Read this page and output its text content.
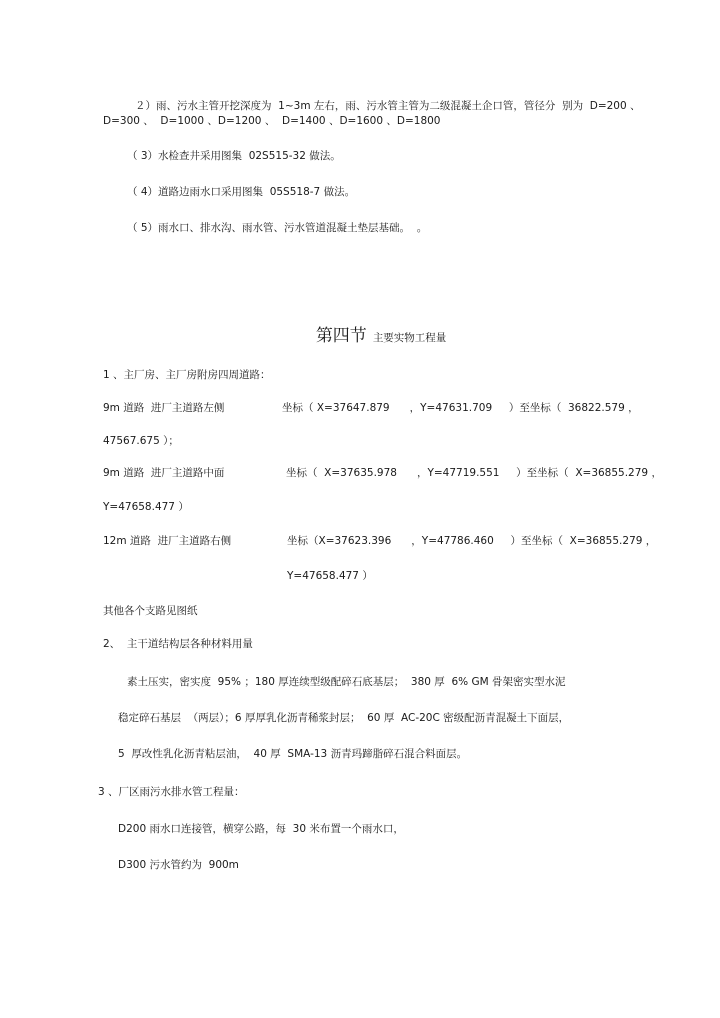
２）雨、污水主管开挖深度为  1~3m 左右，雨、污水管主管为二级混凝土企口管，管径分  别为  D=200 、

D=300 、  D=1000 、D=1200 、  D=1400 、D=1600 、D=1800

（ 3）水检查井采用图集  02S515-32 做法。

（ 4）道路边雨水口采用图集  05S518-7 做法。

（ 5）雨水口、排水沟、雨水管、污水管道混凝土垫层基础。  。

第四节 主要实物工程量

1 、主厂房、主厂房附房四周道路：

9m 道路  进厂主道路左侧	坐标（ X=37647.879      ，Y=47631.709     ）至坐标（  36822.579 ，

47567.675 ）；

9m 道路  进厂主道路中面	坐标（  X=37635.978      ，Y=47719.551     ）至坐标（  X=36855.279 ，

Y=47658.477 ）

12m 道路  进厂主道路右侧	坐标（X=37623.396      ，Y=47786.460     ）至坐标（  X=36855.279 ，

Y=47658.477 ）

其他各个支路见图纸

2、  主干道结构层各种材料用量

素土压实，密实度  95% ；180 厚连续型级配碎石底基层；  380 厚  6% GM 骨架密实型水泥

稳定碎石基层  （两层）；6 厚厚乳化沥青稀浆封层；  60 厚  AC-20C 密级配沥青混凝土下面层，

5  厚改性乳化沥青粘层油，  40 厚  SMA-13 沥青玛蹄脂碎石混合料面层。

3 、厂区雨污水排水管工程量：

D200 雨水口连接管，横穿公路，每  30 米布置一个雨水口，

D300 污水管约为  900m
